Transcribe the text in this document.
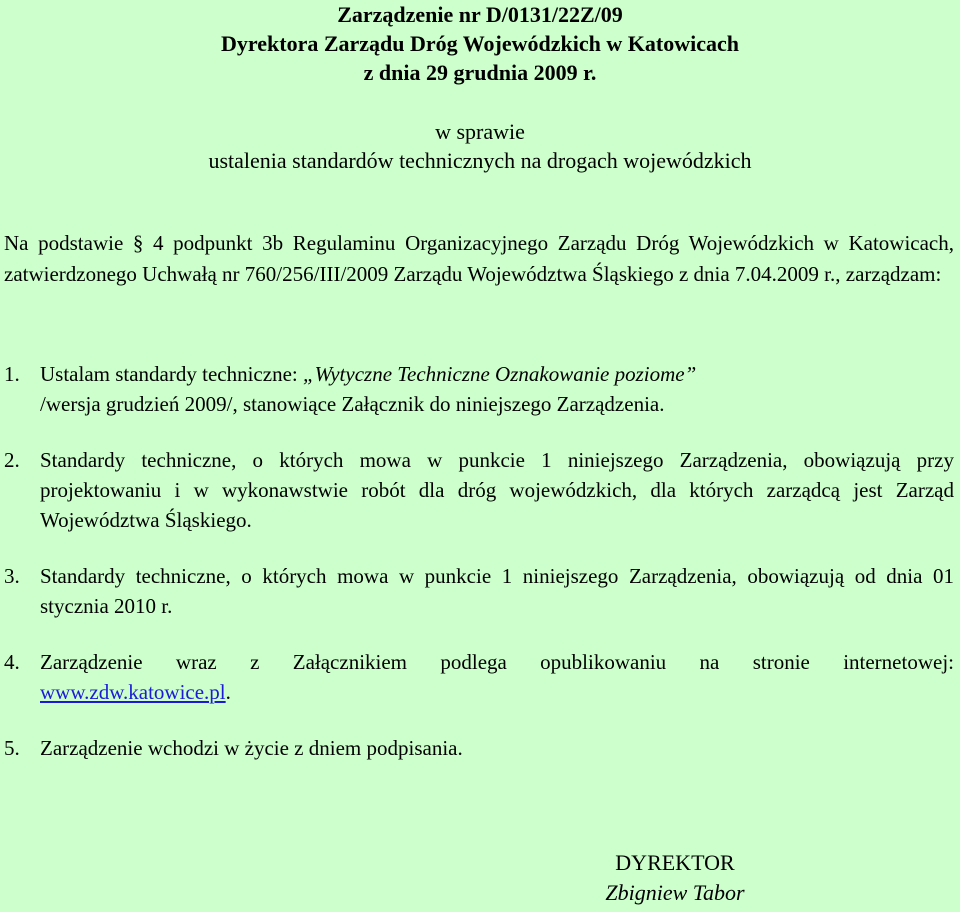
Zarządzenie nr D/0131/22Z/09
Dyrektora Zarządu Dróg Wojewódzkich w Katowicach
z dnia 29 grudnia 2009 r.
w sprawie
ustalenia standardów technicznych na drogach wojewódzkich
Na podstawie § 4 podpunkt 3b Regulaminu Organizacyjnego Zarządu Dróg Wojewódzkich w Katowicach, zatwierdzonego Uchwałą nr 760/256/III/2009 Zarządu Województwa Śląskiego z dnia 7.04.2009 r., zarządzam:
1. Ustalam standardy techniczne: „Wytyczne Techniczne Oznakowanie poziome”
/wersja grudzień 2009/, stanowiące Załącznik do niniejszego Zarządzenia.
2. Standardy techniczne, o których mowa w punkcie 1 niniejszego Zarządzenia, obowiązują przy projektowaniu i w wykonawstwie robót dla dróg wojewódzkich, dla których zarządcą jest Zarząd Województwa Śląskiego.
3. Standardy techniczne, o których mowa w punkcie 1 niniejszego Zarządzenia, obowiązują od dnia 01 stycznia 2010 r.
4. Zarządzenie wraz z Załącznikiem podlega opublikowaniu na stronie internetowej:
www.zdw.katowice.pl.
5. Zarządzenie wchodzi w życie z dniem podpisania.
DYREKTOR
Zbigniew Tabor
